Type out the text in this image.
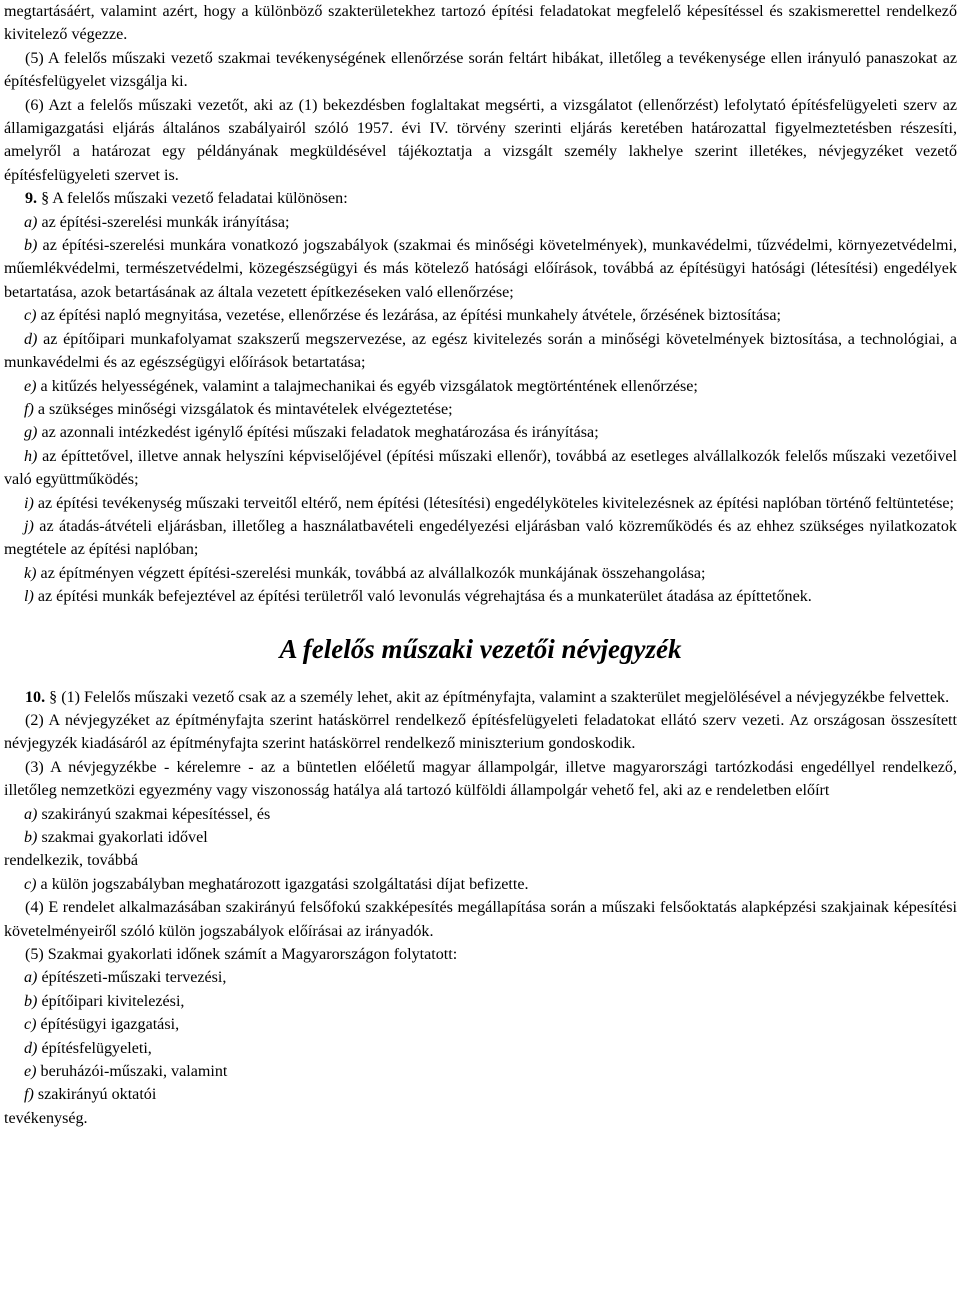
megtartásáért, valamint azért, hogy a különböző szakterületekhez tartozó építési feladatokat megfelelő képesítéssel és szakismerettel rendelkező kivitelező végezze.

(5) A felelős műszaki vezető szakmai tevékenységének ellenőrzése során feltárt hibákat, illetőleg a tevékenysége ellen irányuló panaszokat az építésfelügyelet vizsgálja ki.

(6) Azt a felelős műszaki vezetőt, aki az (1) bekezdésben foglaltakat megsérti, a vizsgálatot (ellenőrzést) lefolytató építésfelügyeleti szerv az államigazgatási eljárás általános szabályairól szóló 1957. évi IV. törvény szerinti eljárás keretében határozattal figyelmeztetésben részesíti, amelyről a határozat egy példányának megküldésével tájékoztatja a vizsgált személy lakhelye szerint illetékes, névjegyzéket vezető építésfelügyeleti szervet is.

9. § A felelős műszaki vezető feladatai különösen:

a) az építési-szerelési munkák irányítása;

b) az építési-szerelési munkára vonatkozó jogszabályok (szakmai és minőségi követelmények), munkavédelmi, tűzvédelmi, környezetvédelmi, műemlékvédelmi, természetvédelmi, közegészségügyi és más kötelező hatósági előírások, továbbá az építésügyi hatósági (létesítési) engedélyek betartatása, azok betartásának az általa vezetett építkezéseken való ellenőrzése;

c) az építési napló megnyitása, vezetése, ellenőrzése és lezárása, az építési munkahely átvétele, őrzésének biztosítása;

d) az építőipari munkafolyamat szakszerű megszervezése, az egész kivitelezés során a minőségi követelmények biztosítása, a technológiai, a munkavédelmi és az egészségügyi előírások betartatása;

e) a kitűzés helyességének, valamint a talajmechanikai és egyéb vizsgálatok megtörténtének ellenőrzése;

f) a szükséges minőségi vizsgálatok és mintavételek elvégeztetése;

g) az azonnali intézkedést igénylő építési műszaki feladatok meghatározása és irányítása;

h) az építtetővel, illetve annak helyszíni képviselőjével (építési műszaki ellenőr), továbbá az esetleges alvállalkozók felelős műszaki vezetőivel való együttműködés;

i) az építési tevékenység műszaki terveitől eltérő, nem építési (létesítési) engedélyköteles kivitelezésnek az építési naplóban történő feltüntetése;

j) az átadás-átvételi eljárásban, illetőleg a használatbavételi engedélyezési eljárásban való közreműködés és az ehhez szükséges nyilatkozatok megtétele az építési naplóban;

k) az építményen végzett építési-szerelési munkák, továbbá az alvállalkozók munkájának összehangolása;

l) az építési munkák befejeztével az építési területről való levonulás végrehajtása és a munkaterület átadása az építtetőnek.

A felelős műszaki vezetői névjegyzék

10. § (1) Felelős műszaki vezető csak az a személy lehet, akit az építményfajta, valamint a szakterület megjelölésével a névjegyzékbe felvettek.

(2) A névjegyzéket az építményfajta szerint hatáskörrel rendelkező építésfelügyeleti feladatokat ellátó szerv vezeti. Az országosan összesített névjegyzék kiadásáról az építményfajta szerint hatáskörrel rendelkező miniszterium gondoskodik.

(3) A névjegyzékbe - kérelemre - az a büntetlen előéletű magyar állampolgár, illetve magyarországi tartózkodási engedéllyel rendelkező, illetőleg nemzetközi egyezmény vagy viszonosság hatálya alá tartozó külföldi állampolgár vehető fel, aki az e rendeletben előírt

a) szakirányú szakmai képesítéssel, és

b) szakmai gyakorlati idővel

rendelkezik, továbbá

c) a külön jogszabályban meghatározott igazgatási szolgáltatási díjat befizette.

(4) E rendelet alkalmazásában szakirányú felsőfokú szakképesítés megállapítása során a műszaki felsőoktatás alapképzési szakjainak képesítési követelményeiről szóló külön jogszabályok előírásai az irányadók.

(5) Szakmai gyakorlati időnek számít a Magyarországon folytatott:

a) építészeti-műszaki tervezési,

b) építőipari kivitelezési,

c) építésügyi igazgatási,

d) építésfelügyeleti,

e) beruházói-műszaki, valamint

f) szakirányú oktatói

tevékenység.
